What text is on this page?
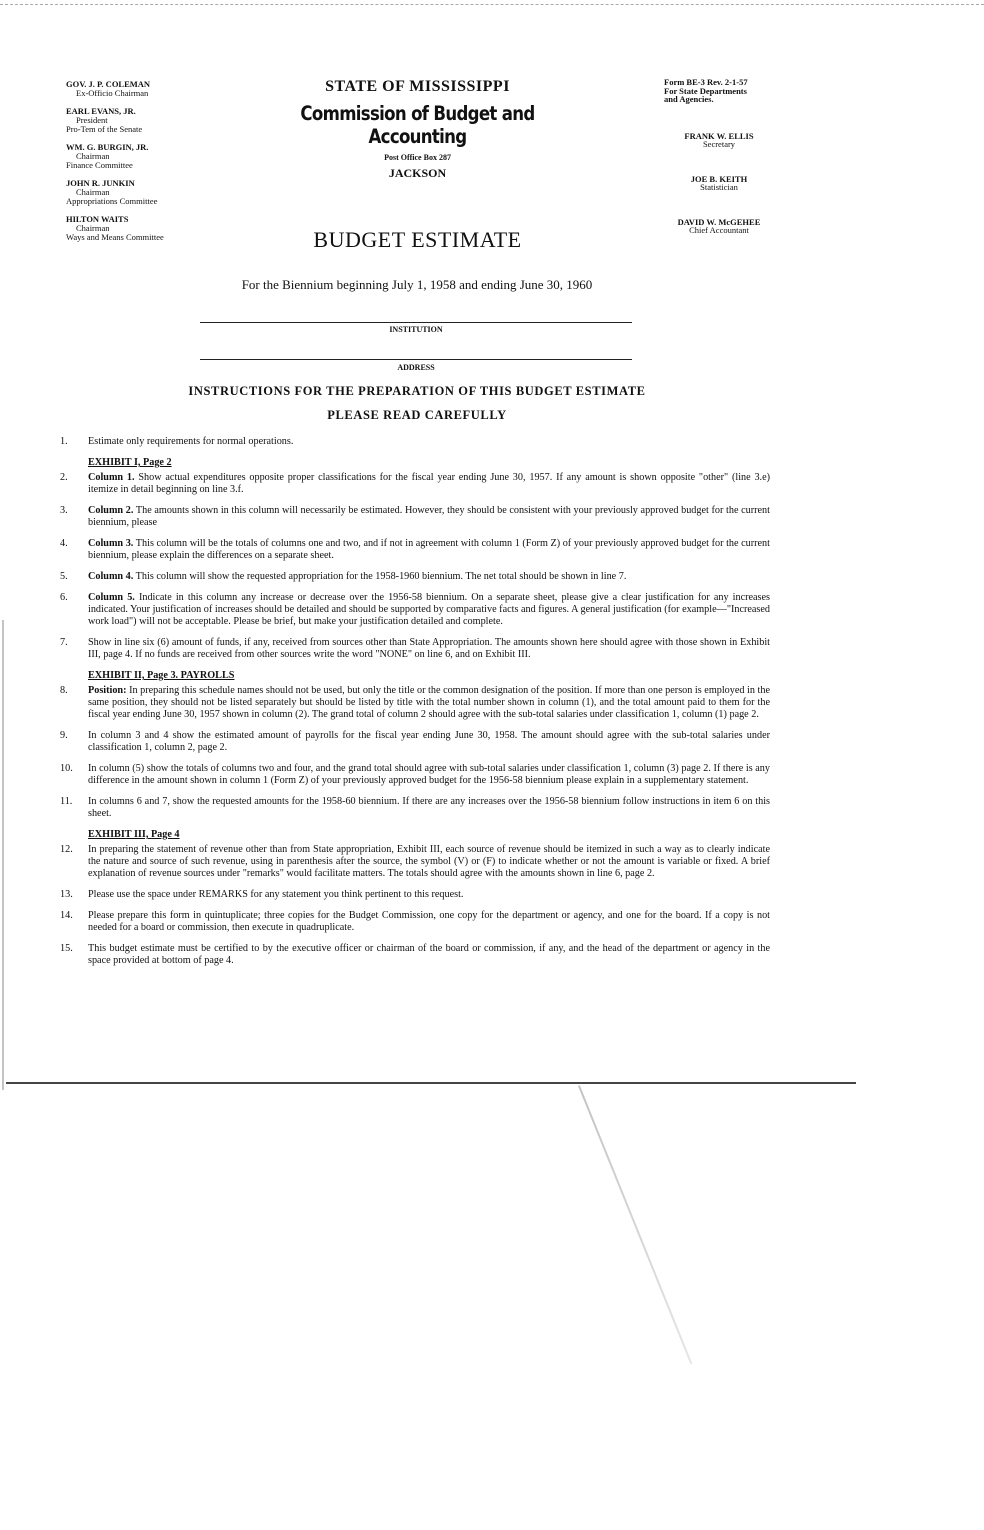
GOV. J. P. COLEMAN
Ex-Officio Chairman
EARL EVANS, JR.
President
Pro-Tem of the Senate
WM. G. BURGIN, JR.
Chairman
Finance Committee
JOHN R. JUNKIN
Chairman
Appropriations Committee
HILTON WAITS
Chairman
Ways and Means Committee
STATE OF MISSISSIPPI
Commission of Budget and Accounting
Post Office Box 287
JACKSON
BUDGET ESTIMATE
Form BE-3 Rev. 2-1-57
For State Departments
and Agencies.
FRANK W. ELLIS
Secretary
JOE B. KEITH
Statistician
DAVID W. McGEHEE
Chief Accountant
For the Biennium beginning July 1, 1958 and ending June 30, 1960
INSTITUTION
ADDRESS
INSTRUCTIONS FOR THE PREPARATION OF THIS BUDGET ESTIMATE
PLEASE READ CAREFULLY
1.	Estimate only requirements for normal operations.
EXHIBIT I, Page 2
2.	Column 1. Show actual expenditures opposite proper classifications for the fiscal year ending June 30, 1957. If any amount is shown opposite "other" (line 3.e) itemize in detail beginning on line 3.f.
3.	Column 2. The amounts shown in this column will necessarily be estimated. However, they should be consistent with your previously approved budget for the current biennium, please
4.	Column 3. This column will be the totals of columns one and two, and if not in agreement with column 1 (Form Z) of your previously approved budget for the current biennium, please explain the differences on a separate sheet.
5.	Column 4. This column will show the requested appropriation for the 1958-1960 biennium. The net total should be shown in line 7.
6.	Column 5. Indicate in this column any increase or decrease over the 1956-58 biennium. On a separate sheet, please give a clear justification for any increases indicated. Your justification of increases should be detailed and should be supported by comparative facts and figures. A general justification (for example—"Increased work load") will not be acceptable. Please be brief, but make your justification detailed and complete.
7.	Show in line six (6) amount of funds, if any, received from sources other than State Appropriation. The amounts shown here should agree with those shown in Exhibit III, page 4. If no funds are received from other sources write the word "NONE" on line 6, and on Exhibit III.
EXHIBIT II, Page 3. PAYROLLS
8.	Position: In preparing this schedule names should not be used, but only the title or the common designation of the position. If more than one person is employed in the same position, they should not be listed separately but should be listed by title with the total number shown in column (1), and the total amount paid to them for the fiscal year ending June 30, 1957 shown in column (2). The grand total of column 2 should agree with the sub-total salaries under classification 1, column (1) page 2.
9.	In column 3 and 4 show the estimated amount of payrolls for the fiscal year ending June 30, 1958. The amount should agree with the sub-total salaries under classification 1, column 2, page 2.
10.	In column (5) show the totals of columns two and four, and the grand total should agree with sub-total salaries under classification 1, column (3) page 2. If there is any difference in the amount shown in column 1 (Form Z) of your previously approved budget for the 1956-58 biennium please explain in a supplementary statement.
11.	In columns 6 and 7, show the requested amounts for the 1958-60 biennium. If there are any increases over the 1956-58 biennium follow instructions in item 6 on this sheet.
EXHIBIT III, Page 4
12.	In preparing the statement of revenue other than from State appropriation, Exhibit III, each source of revenue should be itemized in such a way as to clearly indicate the nature and source of such revenue, using in parenthesis after the source, the symbol (V) or (F) to indicate whether or not the amount is variable or fixed. A brief explanation of revenue sources under "remarks" would facilitate matters. The totals should agree with the amounts shown in line 6, page 2.
13.	Please use the space under REMARKS for any statement you think pertinent to this request.
14.	Please prepare this form in quintuplicate; three copies for the Budget Commission, one copy for the department or agency, and one for the board. If a copy is not needed for a board or commission, then execute in quadruplicate.
15.	This budget estimate must be certified to by the executive officer or chairman of the board or commission, if any, and the head of the department or agency in the space provided at bottom of page 4.
